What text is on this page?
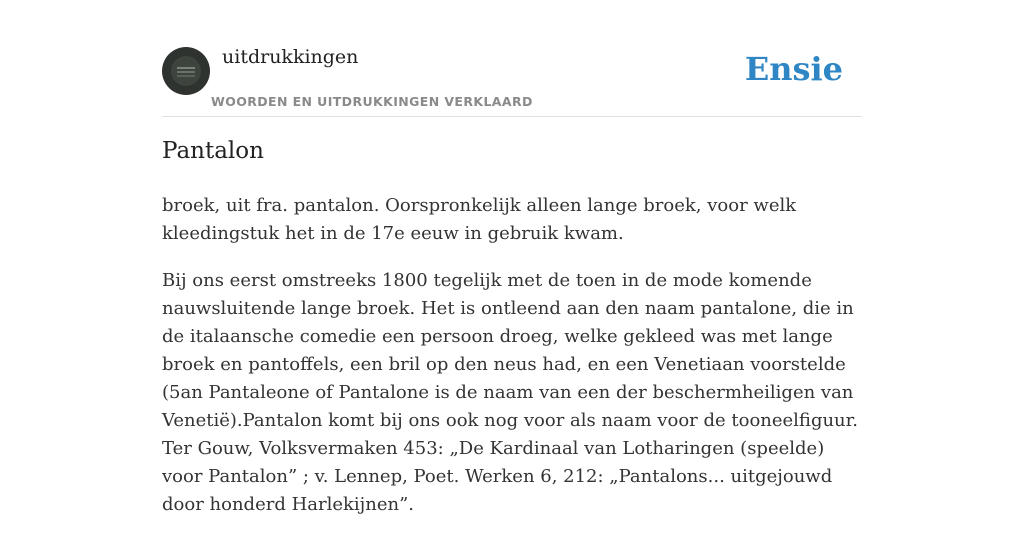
uitdrukkingen
WOORDEN EN UITDRUKKINGEN VERKLAARD
Ensie
Pantalon

broek, uit fra. pantalon. Oorspronkelijk alleen lange broek, voor welk kleedingstuk het in de 17e eeuw in gebruik kwam.

Bij ons eerst omstreeks 1800 tegelijk met de toen in de mode komende nauwsluitende lange broek. Het is ontleend aan den naam pantalone, die in de italaansche comedie een persoon droeg, welke gekleed was met lange broek en pantoffels, een bril op den neus had, en een Venetiaan voorstelde (5an Pantaleone of Pantalone is de naam van een der beschermheiligen van Venetië).Pantalon komt bij ons ook nog voor als naam voor de tooneelfiguur. Ter Gouw, Volksvermaken 453: „De Kardinaal van Lotharingen (speelde) voor Pantalon” ; v. Lennep, Poet. Werken 6, 212: „Pantalons... uitgejouwd door honderd Harlekijnen”.
